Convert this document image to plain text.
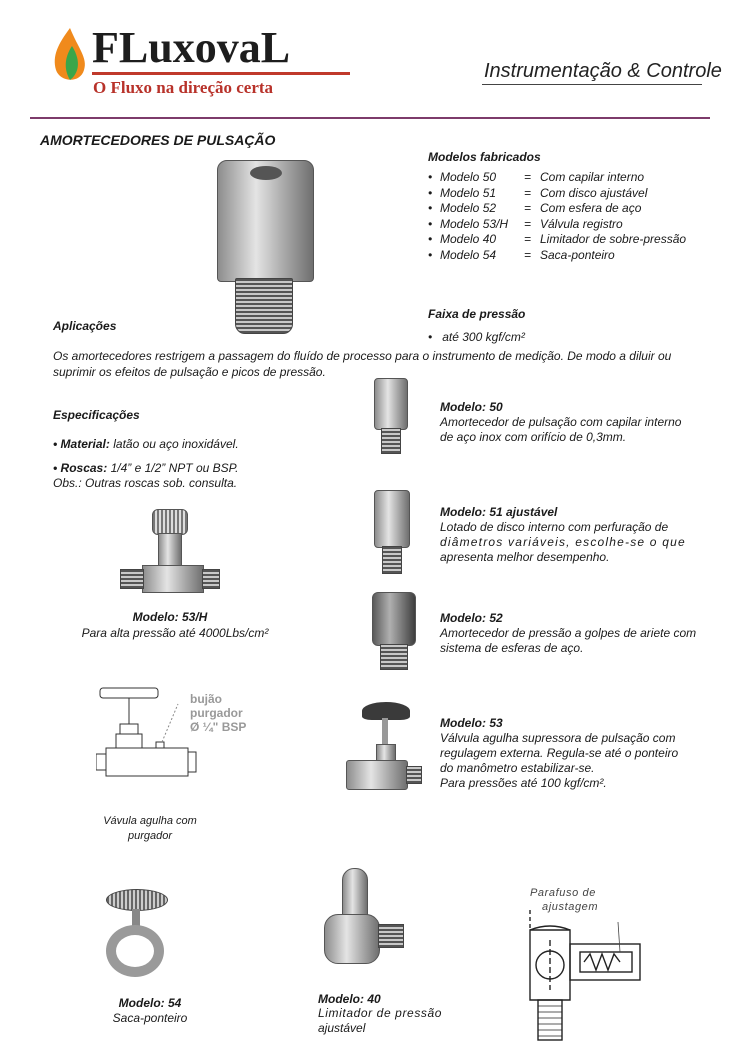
FLuxovaL
O Fluxo na direção certa
Instrumentação & Controle
AMORTECEDORES DE PULSAÇÃO
Modelos fabricados
• Modelo 50	= Com capilar interno
• Modelo 51	= Com disco ajustável
• Modelo 52	= Com esfera de aço
• Modelo 53/H	= Válvula registro
• Modelo 40	= Limitador de sobre-pressão
• Modelo 54	= Saca-ponteiro
Faixa de pressão
•   até 300 kgf/cm²
Aplicações
Os amortecedores restrigem a passagem do fluído de processo para o instrumento de medição. De modo a diluir ou suprimir os efeitos de pulsação e picos de pressão.
Especificações
• Material: latão ou aço inoxidável.
• Roscas: 1/4” e 1/2” NPT ou BSP.
Obs.: Outras roscas sob. consulta.
Modelo: 50
Amortecedor de pulsação com capilar interno
de aço inox com orifício de 0,3mm.
Modelo: 51 ajustável
Lotado de disco interno com perfuração de
diâmetros variáveis, escolhe-se o que
apresenta melhor desempenho.
Modelo: 52
Amortecedor de pressão a golpes de ariete com
sistema de esferas de aço.
Modelo: 53
Válvula agulha supressora de pulsação com
regulagem externa. Regula-se até o ponteiro
do manômetro estabilizar-se.
Para pressões até 100 kgf/cm².
Modelo: 53/H
Para alta pressão até 4000Lbs/cm²
bujão
purgador
Ø ¼" BSP
Vávula agulha com
purgador
Modelo: 54
Saca-ponteiro
Modelo: 40
Limitador de pressão
ajustável
Parafuso de
ajustagem
